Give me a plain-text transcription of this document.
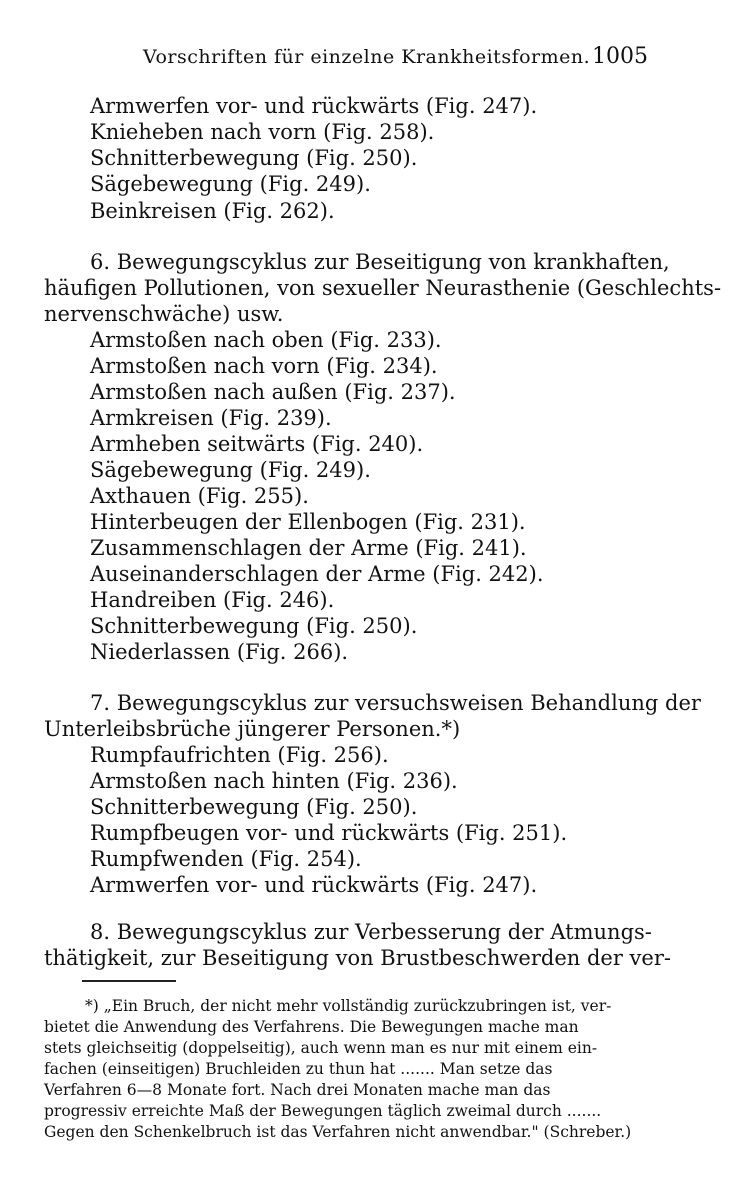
Vorschriften für einzelne Krankheitsformen. 1005
Armwerfen vor- und rückwärts (Fig. 247).
Knieheben nach vorn (Fig. 258).
Schnitterbewegung (Fig. 250).
Sägebewegung (Fig. 249).
Beinkreisen (Fig. 262).
6. Bewegungscyklus zur Beseitigung von krankhaften,
häufigen Pollutionen, von sexueller Neurasthenie (Geschlechts-
nervenschwäche) usw.
Armstoßen nach oben (Fig. 233).
Armstoßen nach vorn (Fig. 234).
Armstoßen nach außen (Fig. 237).
Armkreisen (Fig. 239).
Armheben seitwärts (Fig. 240).
Sägebewegung (Fig. 249).
Axthauen (Fig. 255).
Hinterbeugen der Ellenbogen (Fig. 231).
Zusammenschlagen der Arme (Fig. 241).
Auseinanderschlagen der Arme (Fig. 242).
Handreiben (Fig. 246).
Schnitterbewegung (Fig. 250).
Niederlassen (Fig. 266).
7. Bewegungscyklus zur versuchsweisen Behandlung der
Unterleibsbrüche jüngerer Personen.*)
Rumpfaufrichten (Fig. 256).
Armstoßen nach hinten (Fig. 236).
Schnitterbewegung (Fig. 250).
Rumpfbeugen vor- und rückwärts (Fig. 251).
Rumpfwenden (Fig. 254).
Armwerfen vor- und rückwärts (Fig. 247).
8. Bewegungscyklus zur Verbesserung der Atmungs-
thätigkeit, zur Beseitigung von Brustbeschwerden der ver-
*) „Ein Bruch, der nicht mehr vollständig zurückzubringen ist, ver-
bietet die Anwendung des Verfahrens. Die Bewegungen mache man
stets gleichseitig (doppelseitig), auch wenn man es nur mit einem ein-
fachen (einseitigen) Bruchleiden zu thun hat ....... Man setze das
Verfahren 6—8 Monate fort. Nach drei Monaten mache man das
progressiv erreichte Maß der Bewegungen täglich zweimal durch .......
Gegen den Schenkelbruch ist das Verfahren nicht anwendbar." (Schreber.)
